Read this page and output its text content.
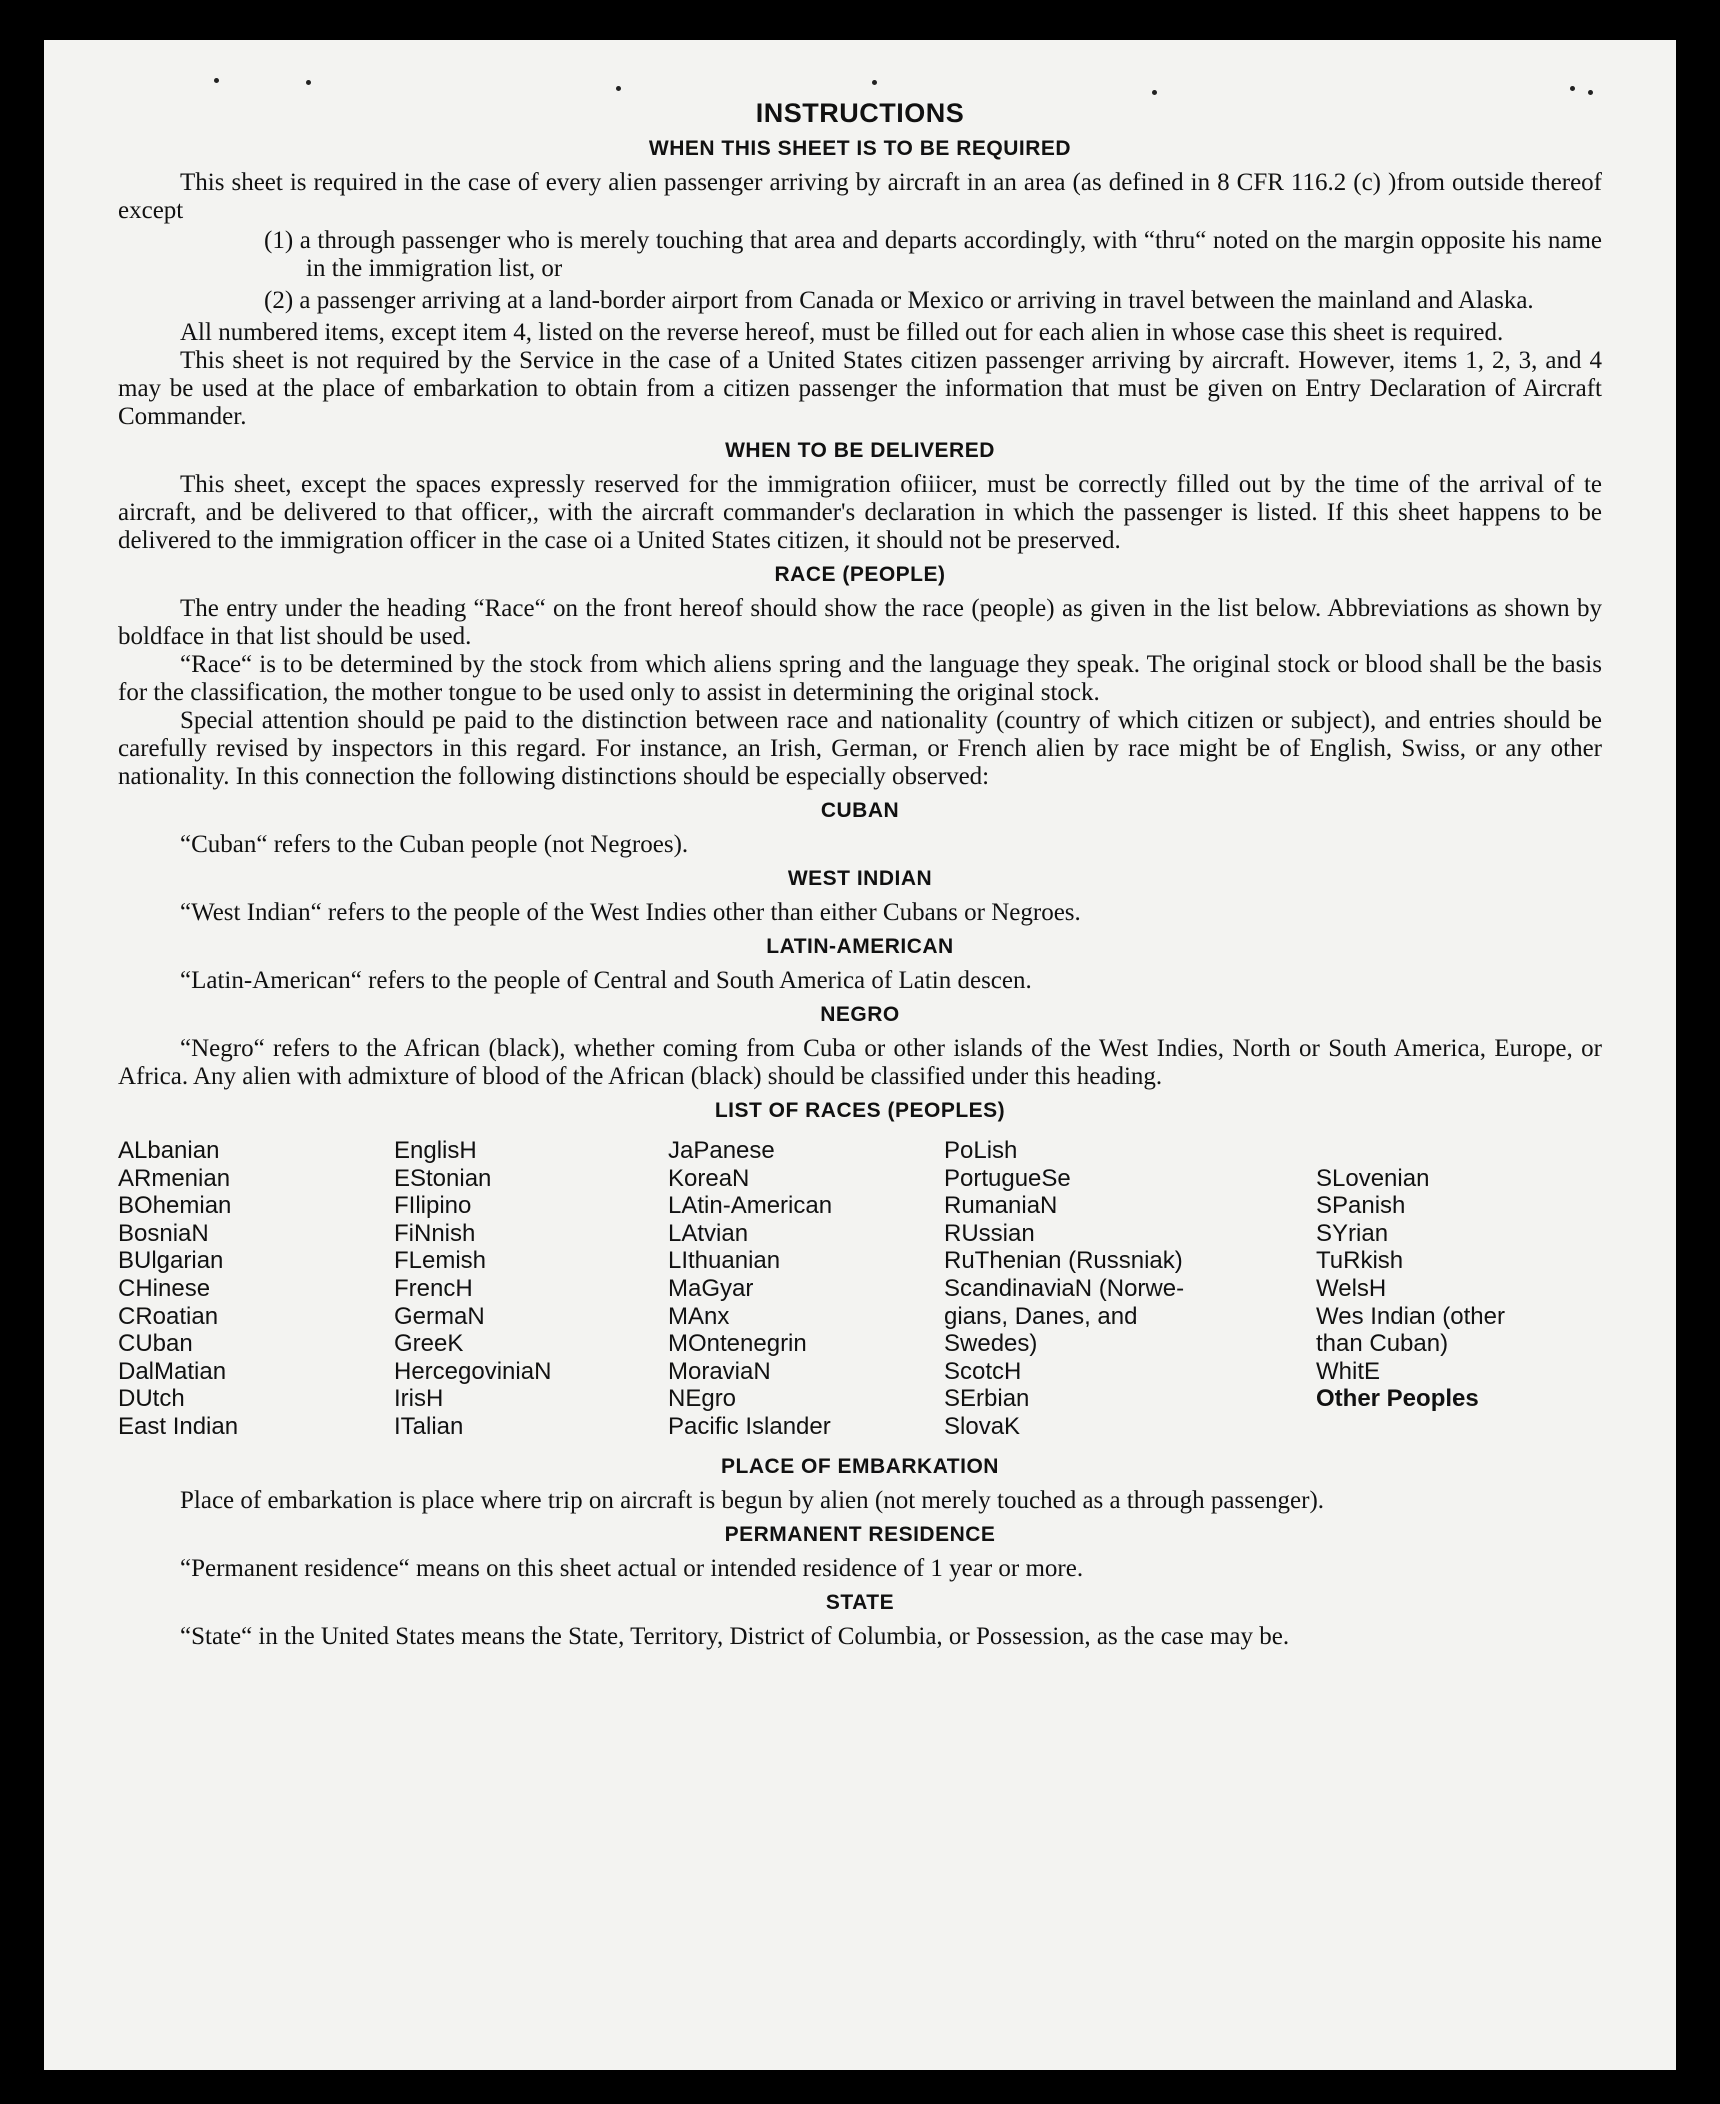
INSTRUCTIONS
WHEN THIS SHEET IS TO BE REQUIRED

This sheet is required in the case of every alien passenger arriving by aircraft in an area (as defined in 8 CFR 116.2 (c) )from outside thereof except

(1) a through passenger who is merely touching that area and departs accordingly, with “thru“ noted on the margin opposite his name in the immigration list, or

(2) a passenger arriving at a land-border airport from Canada or Mexico or arriving in travel between the mainland and Alaska.

All numbered items, except item 4, listed on the reverse hereof, must be filled out for each alien in whose case this sheet is required.

This sheet is not required by the Service in the case of a United States citizen passenger arriving by aircraft. However, items 1, 2, 3, and 4 may be used at the place of embarkation to obtain from a citizen passenger the information that must be given on Entry Declaration of Aircraft Commander.

WHEN TO BE DELIVERED

This sheet, except the spaces expressly reserved for the immigration ofiiicer, must be correctly filled out by the time of the arrival of te aircraft, and be delivered to that officer,, with the aircraft commander's declaration in which the passenger is listed. If this sheet happens to be delivered to the immigration officer in the case oi a United States citizen, it should not be preserved.

RACE (PEOPLE)

The entry under the heading “Race“ on the front hereof should show the race (people) as given in the list below. Abbreviations as shown by boldface in that list should be used.

“Race“ is to be determined by the stock from which aliens spring and the language they speak. The original stock or blood shall be the basis for the classification, the mother tongue to be used only to assist in determining the original stock.

Special attention should pe paid to the distinction between race and nationality (country of which citizen or subject), and entries should be carefully revised by inspectors in this regard. For instance, an Irish, German, or French alien by race might be of English, Swiss, or any other nationality. In this connection the following distinctions should be especially observed:

CUBAN

“Cuban“ refers to the Cuban people (not Negroes).

WEST INDIAN

“West Indian“ refers to the people of the West Indies other than either Cubans or Negroes.

LATIN-AMERICAN

“Latin-American“ refers to the people of Central and South America of Latin descen.

NEGRO

“Negro“ refers to the African (black), whether coming from Cuba or other islands of the West Indies, North or South America, Europe, or Africa. Any alien with admixture of blood of the African (black) should be classified under this heading.

LIST OF RACES (PEOPLES)
ALbanian
ARmenian
BOhemian
BosniaN
BUlgarian
CHinese
CRoatian
CUban
DalMatian
DUtch
East Indian
EnglisH
EStonian
FIlipino
FiNnish
FLemish
FrencH
GermaN
GreeK
HercegoviniaN
IrisH
ITalian
JaPanese
KoreaN
LAtin-American
LAtvian
LIthuanian
MaGyar
MAnx
MOntenegrin
MoraviaN
NEgro
Pacific Islander
PoLish
PortugueSe
RumaniaN
RUssian
RuThenian (Russniak)
ScandinaviaN (Norwe-
gians, Danes, and
Swedes)
ScotcH
SErbian
SlovaK

SLovenian
SPanish
SYrian
TuRkish
WelsH
Wes Indian (other
than Cuban)
WhitE

Other Peoples

PLACE OF EMBARKATION

Place of embarkation is place where trip on aircraft is begun by alien (not merely touched as a through passenger).

PERMANENT RESIDENCE

“Permanent residence“ means on this sheet actual or intended residence of 1 year or more.

STATE

“State“ in the United States means the State, Territory, District of Columbia, or Possession, as the case may be.
